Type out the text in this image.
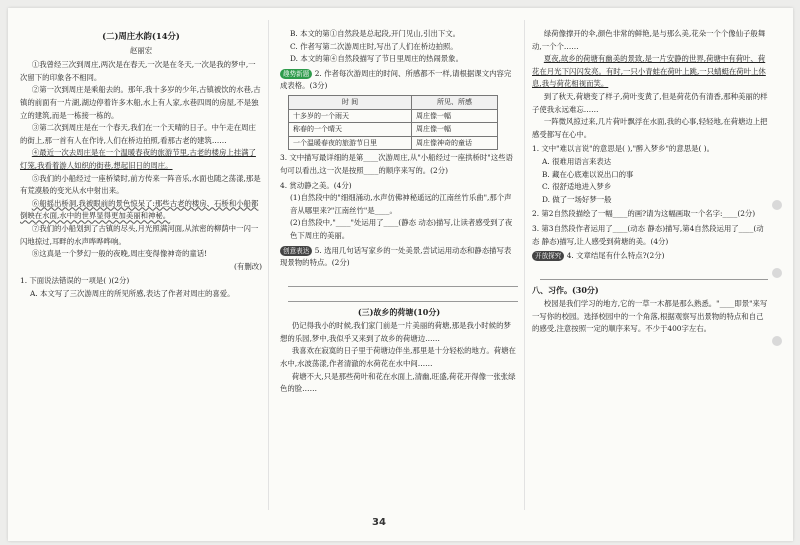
(二)周庄水韵(14分)
赵丽宏

①我曾经三次到周庄,两次是在春天,一次是在冬天,一次是我的梦中,一次留下的印象各不相同。

②第一次到周庄是乘船去的。那年,我十多岁的少年,古镇被饮的水巷,古镇的前面有一片湖,湖边停着许多木船,水上有人家,水巷四周的房屋,不是独立的建筑,而是一栋接一栋的。

③第二次到周庄是在一个春天,我们在一个天晴的日子。中午走在周庄的街上,那一首有人在作诗,人们在桥边拍照,看那古老的建筑……

④最近一次去周庄是在一个温暖春夜的旅游节里,古老的楼房上挂满了灯笼,我看着游人如织的街巷,想起旧日的周庄。

⑤我们的小船经过一座桥梁时,前方传来一阵音乐,水面也随之荡漾,那是有荒漠般的变光从水中射出来。

⑥船摇出桥洞,我被眼前的景色惊呆了:那些古老的楼房、石桥和小船都倒映在水面,水中的世界显得更加美丽和神秘。

⑦我们的小船划到了古镇的尽头,月光照满河面,从浓密的柳荫中一闪一闪地掠过,耳畔的水声哗哗哗响。

⑧这真是一个梦幻一般的夜晚,周庄变得像神奇的童话!

(有删改)

1. 下面说法错误的一项是( )(2分)

A. 本文写了三次游周庄的所见所感,表达了作者对周庄的喜爱。

B. 本文的第①自然段是总起段,开门见山,引出下文。

C. 作者写第二次游周庄时,写出了人们在桥边拍照。

D. 本文的第④自然段描写了节日里周庄的热闹景象。

趣势新题 2. 作者每次游周庄的时间、所感都不一样,请根据课文内容完成表格。(3分)

时 间	所见、所感
十多岁的一个雨天	周庄像一幅
称春的一个晴天	周庄像一幅
一个温暖春夜的旅游节日里	周庄像神奇的童话

3. 文中描写最详细的是第____次游周庄,从"小船经过一座拱桥时"这些语句可以看出,这一次是按照____的顺序来写的。(2分)

4. 赏动静之美。(4分)

(1)自然段中的"细细涌动,水声仿佛神秘遥远的江南丝竹乐曲",那个声音从哪里来?"江南丝竹"是____。

(2)自然段中,"____"处运用了____(静态 动态)描写,让读者感受到了夜色下周庄的美丽。

创意表达 5. 选用几句话写家乡的一处美景,尝试运用动态和静态描写表现景物的特点。(2分)

(三)故乡的荷塘(10分)

仍记得我小的时候,我们家门前是一片美丽的荷塘,那是我小时候的梦想的乐园,梦中,我似乎又来到了故乡的荷塘边……

我喜欢在寂寞的日子里于荷塘边伴坐,那里是十分轻松的地方。荷塘在水中,水波荡漾,作者清澈的水荷花在水中间……

荷塘不大,只是那些荷叶和花在水面上,清幽,旺盛,荷花开得像一张张绿色的脸……

绿荷像撑开的伞,颜色非常的鲜艳,是与那么美,花朵一个个像仙子般舞动,一个个……

夏夜,故乡的荷塘有幽美的景致,是一片安静的世界,荷塘中有荷叶、荷花在月光下闪闪发亮。有时,一只小青蛙在荷叶上跳,一只蜻蜓在荷叶上休息,我与荷花相视而笑。

到了秋天,荷塘变了样子,荷叶变黄了,但是荷花仍有清香,那种美丽的样子使我永远难忘……

一阵微风掠过来,几片荷叶飘浮在水面,我的心事,轻轻地,在荷塘边上把感受都写在心中。

1. 文中"难以言说"的意思是( ),"醉入梦乡"的意思是( )。

A. 很难用语言来表达

B. 藏在心底难以说出口的事

C. 很舒适地进入梦乡

D. 做了一场好梦一般

2. 第2自然段描绘了一幅____的画?请为这幅画取一个名字:____(2分)

3. 第3自然段作者运用了____(动态 静态)描写,第4自然段运用了____(动态 静态)描写,让人感受到荷塘的美。(4分)

开放探究 4. 文章结尾有什么特点?(2分)

八、习作。(30分)

校园是我们学习的地方,它的一草一木都是那么熟悉。"____即景"来写一写你的校园。选择校园中的一个角落,根据观察写出景物的特点和自己的感受,注意按照一定的顺序来写。不少于400字左右。

34
